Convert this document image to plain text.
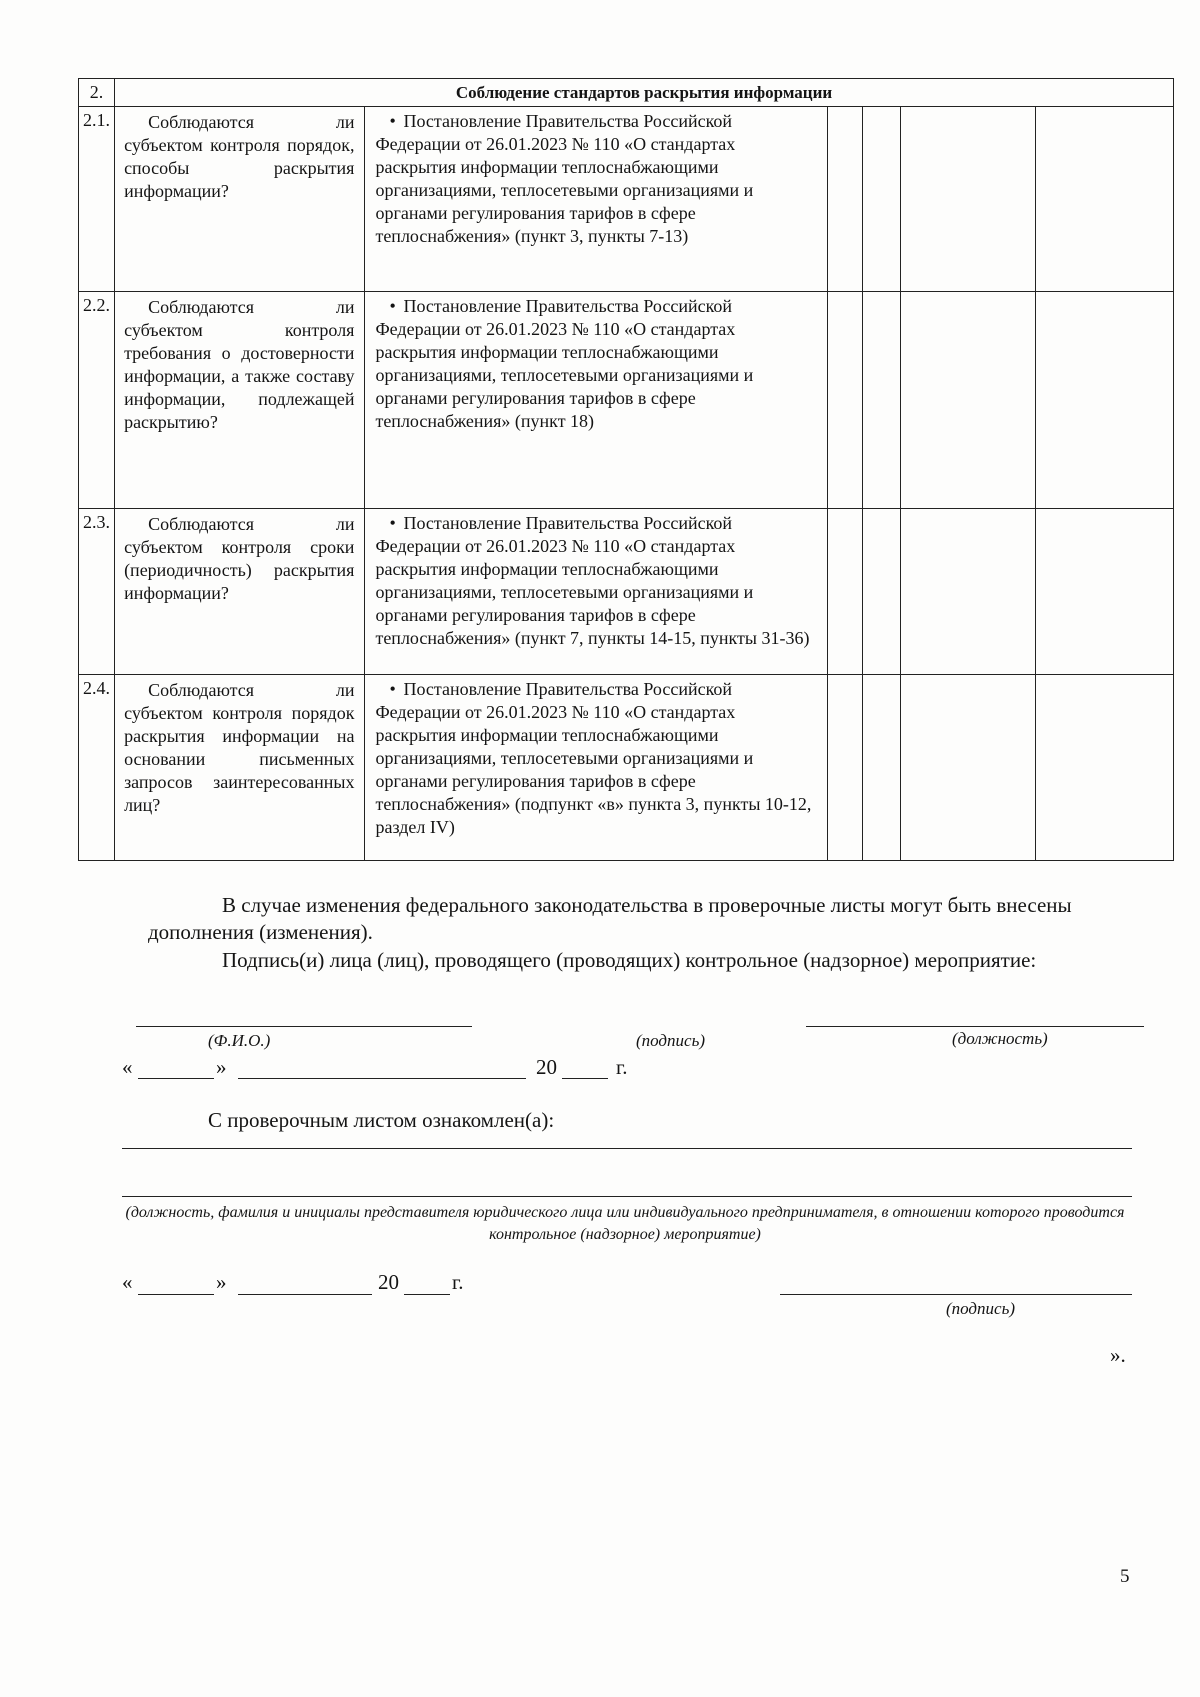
2.	Соблюдение стандартов раскрытия информации					
2.1.	Соблюдаются ли субъектом контроля порядок, способы раскрытия информации?	• Постановление Правительства Российской Федерации от 26.01.2023 № 110 «О стандартах раскрытия информации теплоснабжающими организациями, теплосетевыми организациями и органами регулирования тарифов в сфере теплоснабжения» (пункт 3, пункты 7-13)				
2.2.	Соблюдаются ли субъектом контроля требования о достоверности информации, а также составу информации, подлежащей раскрытию?	• Постановление Правительства Российской Федерации от 26.01.2023 № 110 «О стандартах раскрытия информации теплоснабжающими организациями, теплосетевыми организациями и органами регулирования тарифов в сфере теплоснабжения» (пункт 18)				
2.3.	Соблюдаются ли субъектом контроля сроки (периодичность) раскрытия информации?	• Постановление Правительства Российской Федерации от 26.01.2023 № 110 «О стандартах раскрытия информации теплоснабжающими организациями, теплосетевыми организациями и органами регулирования тарифов в сфере теплоснабжения» (пункт 7, пункты 14-15, пункты 31-36)				
2.4.	Соблюдаются ли субъектом контроля порядок раскрытия информации на основании письменных запросов заинтересованных лиц?	• Постановление Правительства Российской Федерации от 26.01.2023 № 110 «О стандартах раскрытия информации теплоснабжающими организациями, теплосетевыми организациями и органами регулирования тарифов в сфере теплоснабжения» (подпункт «в» пункта 3, пункты 10-12, раздел IV)				
В случае изменения федерального законодательства в проверочные листы могут быть внесены дополнения (изменения).
Подпись(и) лица (лиц), проводящего (проводящих) контрольное (надзорное) мероприятие:
(Ф.И.О.)	(подпись)	(должность)
«	»	20	г.
С проверочным листом ознакомлен(а):
(должность, фамилия и инициалы представителя юридического лица или индивидуального предпринимателя, в отношении которого проводится контрольное (надзорное) мероприятие)
«	»	20	г.
(подпись)
».
5
